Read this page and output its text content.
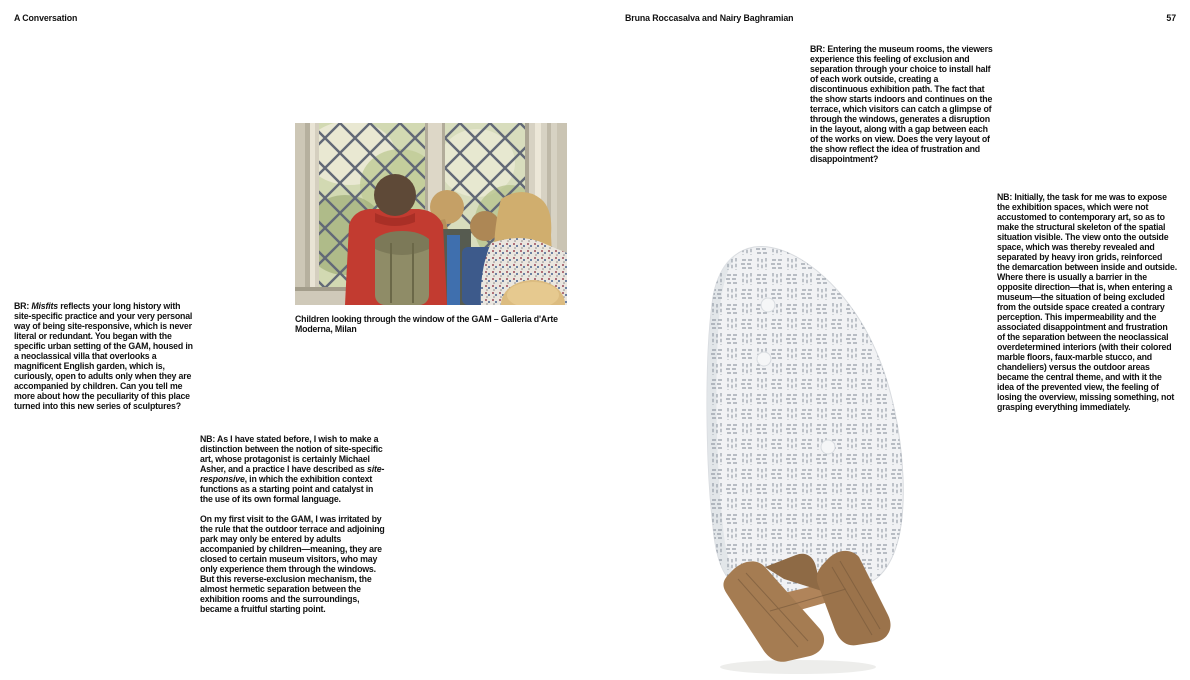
A Conversation	Bruna Roccasalva and Nairy Baghramian	57

BR: Misfits reflects your long history with site-specific practice and your very personal way of being site-responsive, which is never literal or redundant. You began with the specific urban setting of the GAM, housed in a neoclassical villa that overlooks a magnificent English garden, which is, curiously, open to adults only when they are accompanied by children. Can you tell me more about how the peculiarity of this place turned into this new series of sculptures?

Children looking through the window of the GAM – Galleria d'Arte Moderna, Milan

NB: As I have stated before, I wish to make a distinction between the notion of site-specific art, whose protagonist is certainly Michael Asher, and a practice I have described as site-responsive, in which the exhibition context functions as a starting point and catalyst in the use of its own formal language.

On my first visit to the GAM, I was irritated by the rule that the outdoor terrace and adjoining park may only be entered by adults accompanied by children—meaning, they are closed to certain museum visitors, who may only experience them through the windows. But this reverse-exclusion mechanism, the almost hermetic separation between the exhibition rooms and the surroundings, became a fruitful starting point.

BR: Entering the museum rooms, the viewers experience this feeling of exclusion and separation through your choice to install half of each work outside, creating a discontinuous exhibition path. The fact that the show starts indoors and continues on the terrace, which visitors can catch a glimpse of through the windows, generates a disruption in the layout, along with a gap between each of the works on view. Does the very layout of the show reflect the idea of frustration and disappointment?

NB: Initially, the task for me was to expose the exhibition spaces, which were not accustomed to contemporary art, so as to make the structural skeleton of the spatial situation visible. The view onto the outside space, which was thereby revealed and separated by heavy iron grids, reinforced the demarcation between inside and outside. Where there is usually a barrier in the opposite direction—that is, when entering a museum—the situation of being excluded from the outside space created a contrary perception. This impermeability and the associated disappointment and frustration of the separation between the neoclassical overdetermined interiors (with their colored marble floors, faux-marble stucco, and chandeliers) versus the outdoor areas became the central theme, and with it the idea of the prevented view, the feeling of losing the overview, missing something, not grasping everything immediately.
